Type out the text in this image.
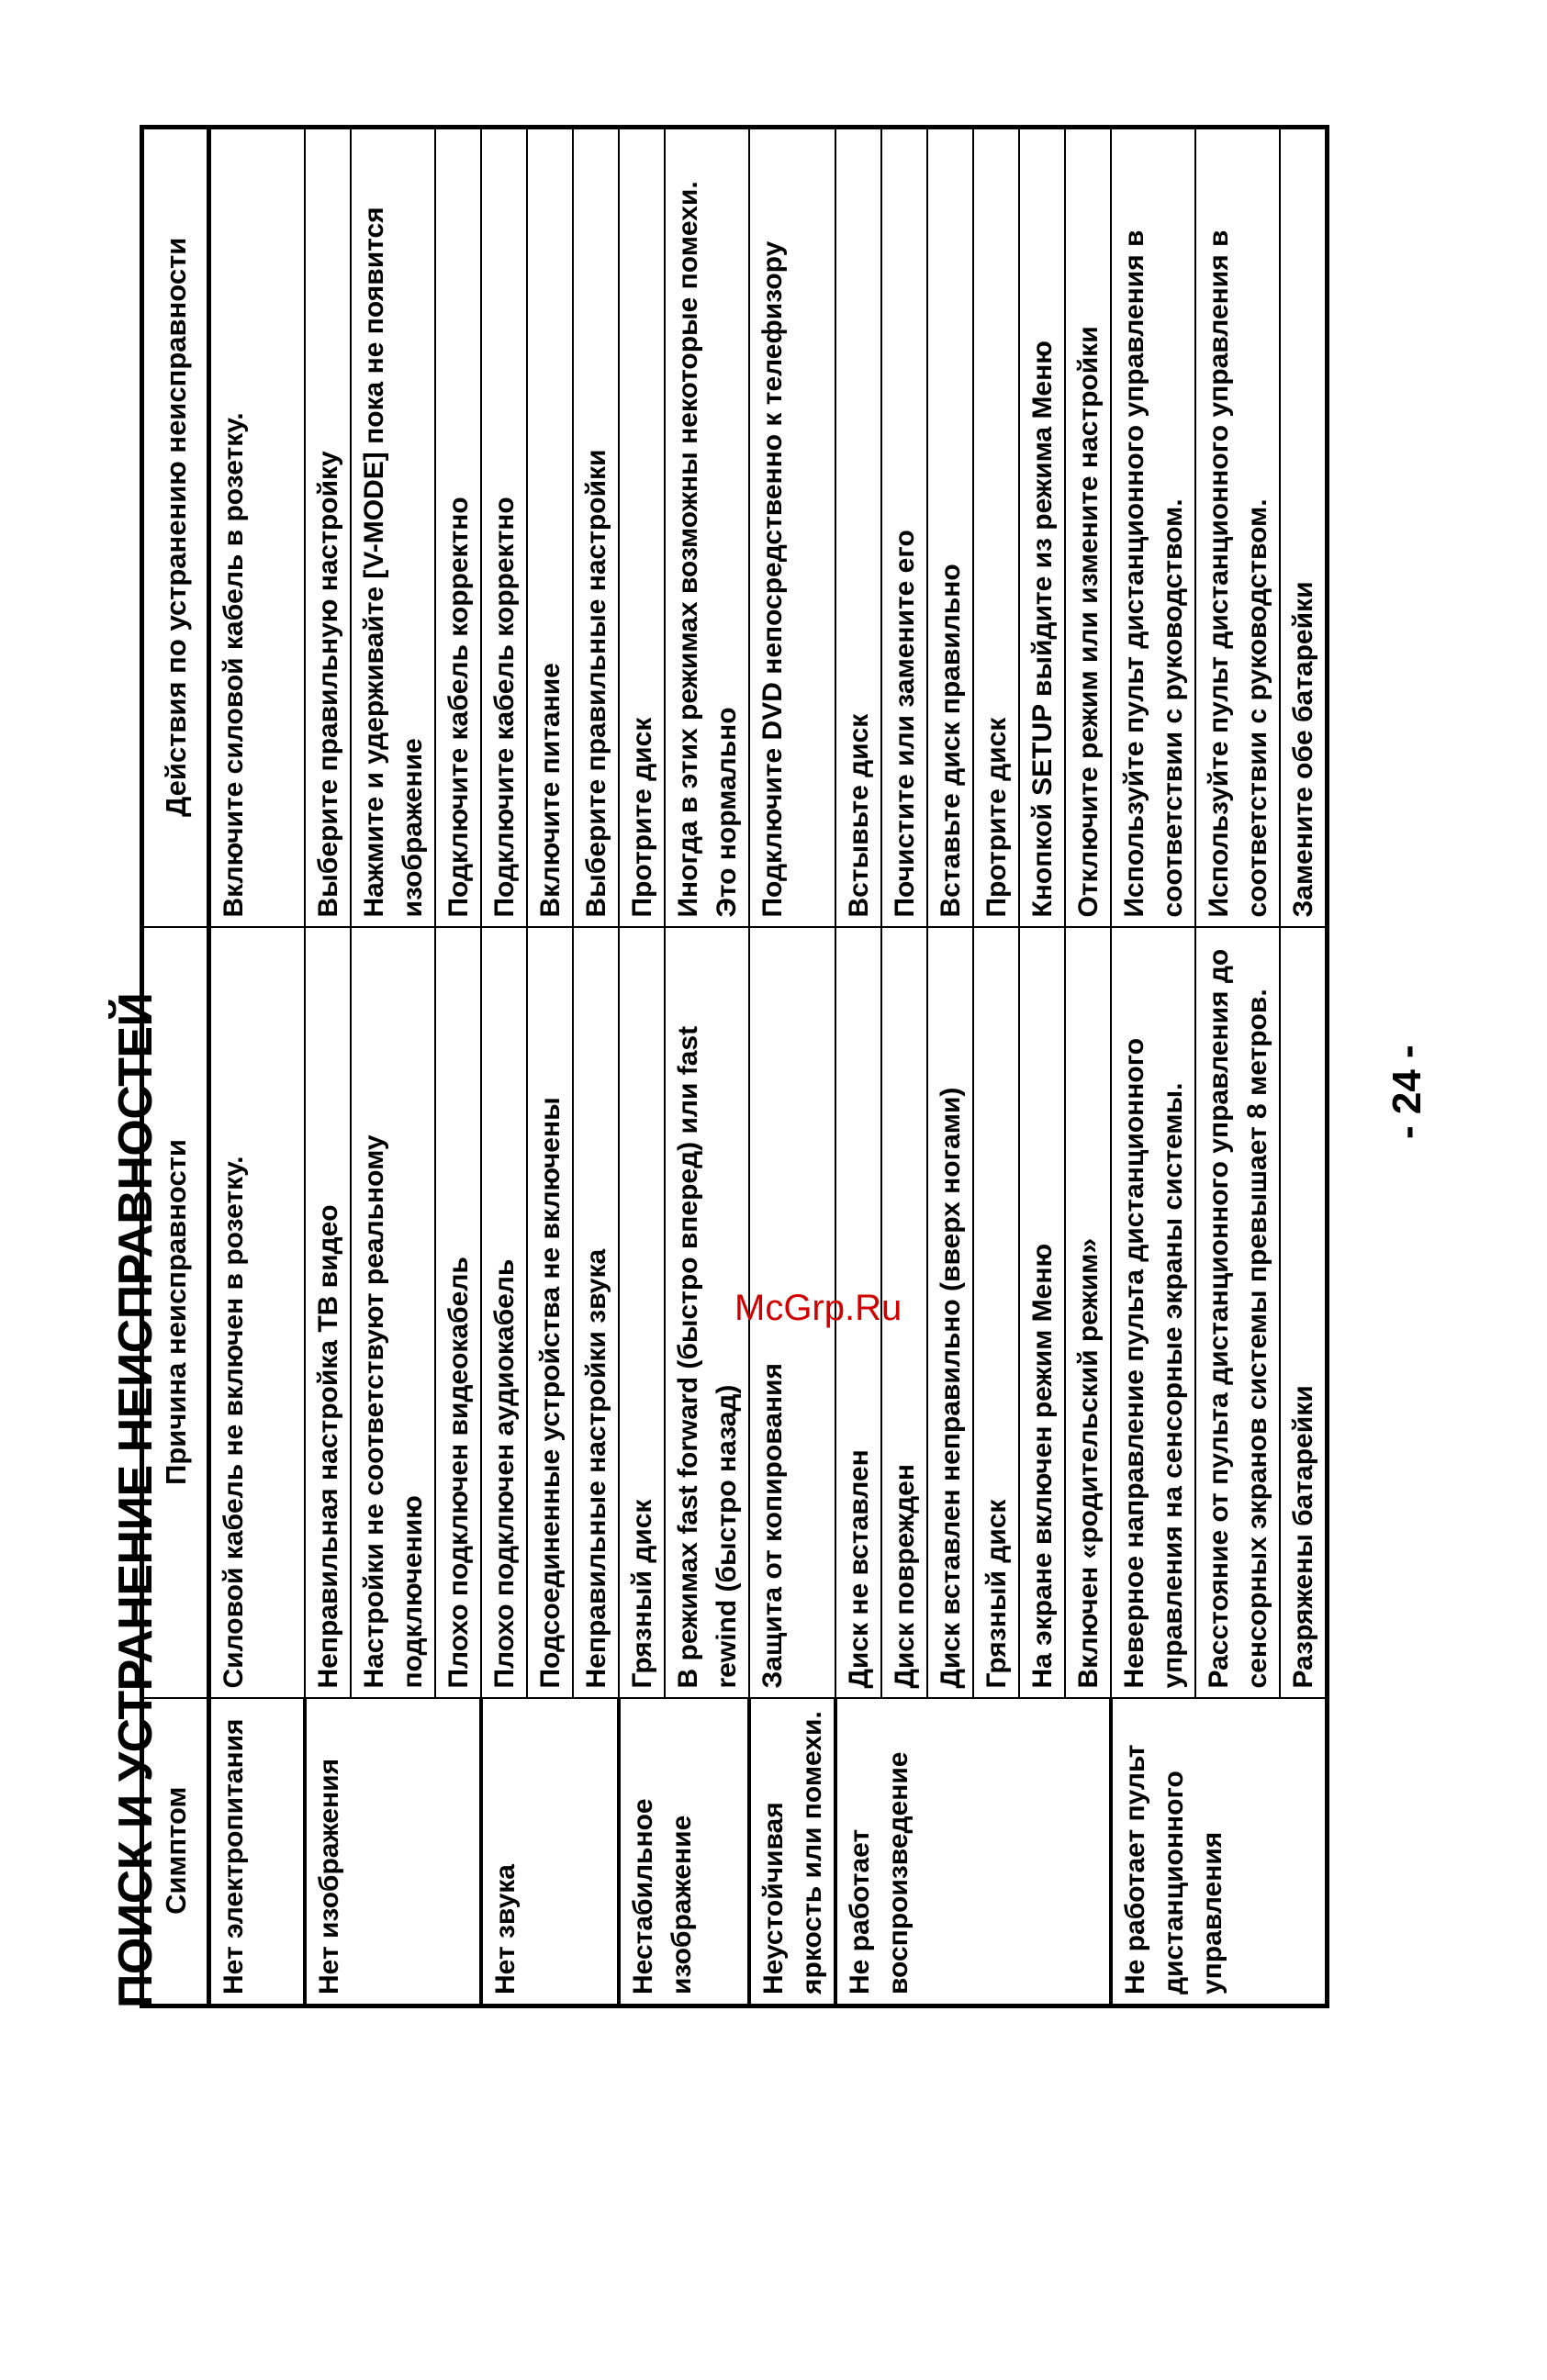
ПОИСК И УСТРАНЕНИЕ НЕИСПРАВНОСТЕЙ
Симптом	Причина неисправности	Действия по устранению неисправности
Нет электропитания	Силовой кабель не включен в розетку.	Включите силовой кабель в розетку.
Нет изображения	Неправильная настройка ТВ видео	Выберите правильную настройку
	Настройки не соответствуют реальному подключению	Нажмите и удерживайте [V-MODE] пока не появится изображение
	Плохо подключен видеокабель	Подключите кабель корректно
Нет звука	Плохо подключен аудиокабель	Подключите кабель корректно
	Подсоединенные устройства не включены	Включите питание
	Неправильные настройки звука	Выберите правильные настройки
Нестабильное изображение	Грязный диск	Протрите диск
	В режимах fast forward (быстро вперед) или fast rewind (быстро назад)	Иногда в этих режимах возможны некоторые помехи. Это нормально
Неустойчивая яркость или помехи.	Защита от копирования	Подключите DVD непосредственно к телефизору
Не работает воспроизведение	Диск не вставлен	Встывьте диск
	Диск поврежден	Почистите или замените его
	Диск вставлен неправильно (вверх ногами)	Вставьте диск правильно
	Грязный диск	Протрите диск
	На экране включен режим Меню	Кнопкой SETUP выйдите из режима Меню
	Включен «родительский режим»	Отключите режим или измените настройки
Не работает пульт дистанционного управления	Неверное направление пульта дистанционного управления на сенсорные экраны системы.	Используйте пульт дистанционного управления в соответствии с руководством.
	Расстояние от пульта дистанционного управления до сенсорных экранов системы превышает 8 метров.	Используйте пульт дистанционного управления в соответствии с руководством.
	Разряжены батарейки	Замените обе батарейки
- 24 -
McGrp.Ru
